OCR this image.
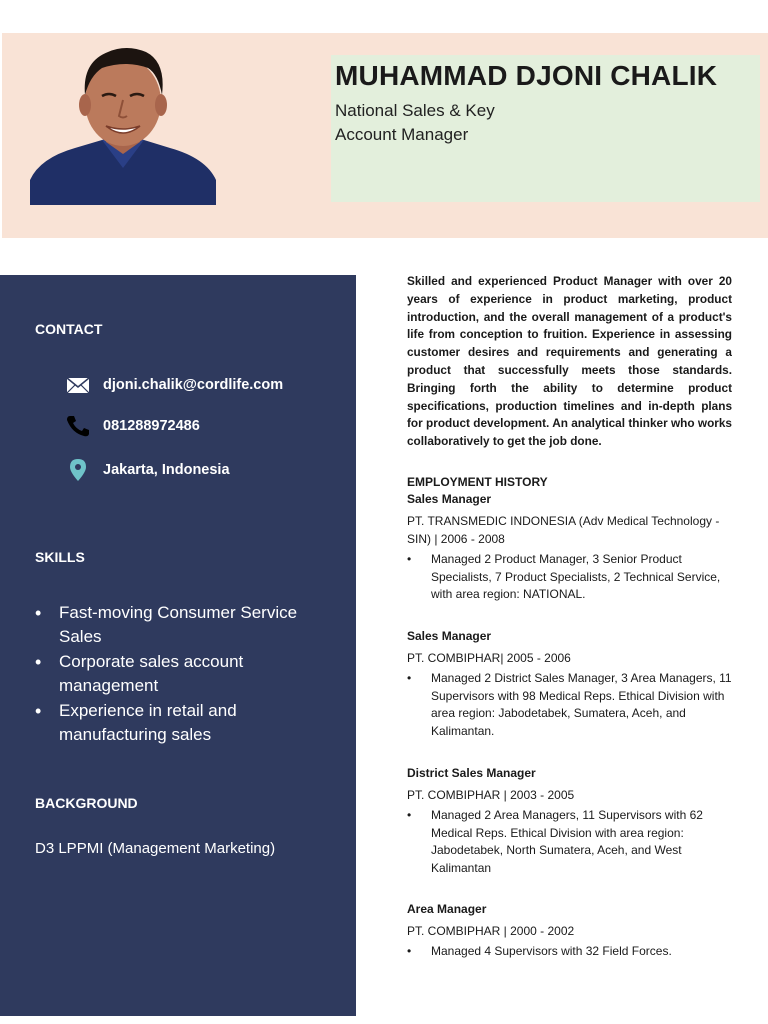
MUHAMMAD DJONI CHALIK
National Sales & Key Account Manager
CONTACT
djoni.chalik@cordlife.com
081288972486
Jakarta, Indonesia
SKILLS
• Fast-moving Consumer Service Sales
• Corporate sales account management
• Experience in retail and manufacturing sales
BACKGROUND
D3 LPPMI (Management Marketing)

Skilled and experienced Product Manager with over 20 years of experience in product marketing, product introduction, and the overall management of a product's life from conception to fruition. Experience in assessing customer desires and requirements and generating a product that successfully meets those standards. Bringing forth the ability to determine product specifications, production timelines and in-depth plans for product development. An analytical thinker who works collaboratively to get the job done.

EMPLOYMENT HISTORY
Sales Manager
PT. TRANSMEDIC INDONESIA (Adv Medical Technology - SIN) | 2006 - 2008
• Managed 2 Product Manager, 3 Senior Product Specialists, 7 Product Specialists, 2 Technical Service, with area region: NATIONAL.
Sales Manager
PT. COMBIPHAR| 2005 - 2006
• Managed 2 District Sales Manager, 3 Area Managers, 11 Supervisors with 98 Medical Reps. Ethical Division with area region: Jabodetabek, Sumatera, Aceh, and Kalimantan.
District Sales Manager
PT. COMBIPHAR | 2003 - 2005
• Managed 2 Area Managers, 11 Supervisors with 62 Medical Reps. Ethical Division with area region: Jabodetabek, North Sumatera, Aceh, and West Kalimantan
Area Manager
PT. COMBIPHAR | 2000 - 2002
• Managed 4 Supervisors with 32 Field Forces.
